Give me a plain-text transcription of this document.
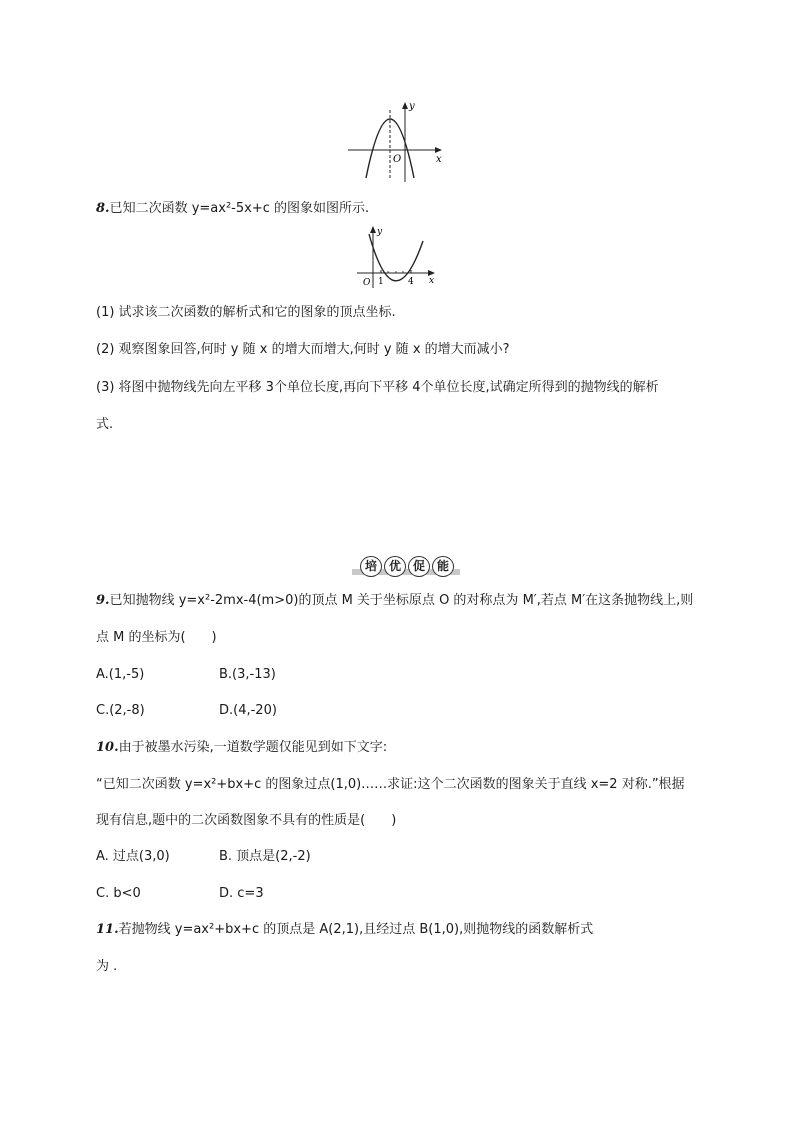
y
x
O
8.已知二次函数 y=ax²-5x+c 的图象如图所示.
y
x
O 1	4
(1) 试求该二次函数的解析式和它的图象的顶点坐标.
(2) 观察图象回答,何时 y 随 x 的增大而增大,何时 y 随 x 的增大而减小?
(3) 将图中抛物线先向左平移 3个单位长度,再向下平移 4个单位长度,试确定所得到的抛物线的解析
式.
培 优 促 能
9.已知抛物线 y=x²-2mx-4(m>0)的顶点 M 关于坐标原点 O 的对称点为 M′,若点 M′在这条抛物线上,则
点 M 的坐标为(　　)
A.(1,-5)	B.(3,-13)
C.(2,-8)	D.(4,-20)
10.由于被墨水污染,一道数学题仅能见到如下文字:
“已知二次函数 y=x²+bx+c 的图象过点(1,0)……求证:这个二次函数的图象关于直线 x=2 对称.”根据
现有信息,题中的二次函数图象不具有的性质是(　　)
A. 过点(3,0)	B. 顶点是(2,-2)
C. b<0	D. c=3
11.若抛物线 y=ax²+bx+c 的顶点是 A(2,1),且经过点 B(1,0),则抛物线的函数解析式
为 .
